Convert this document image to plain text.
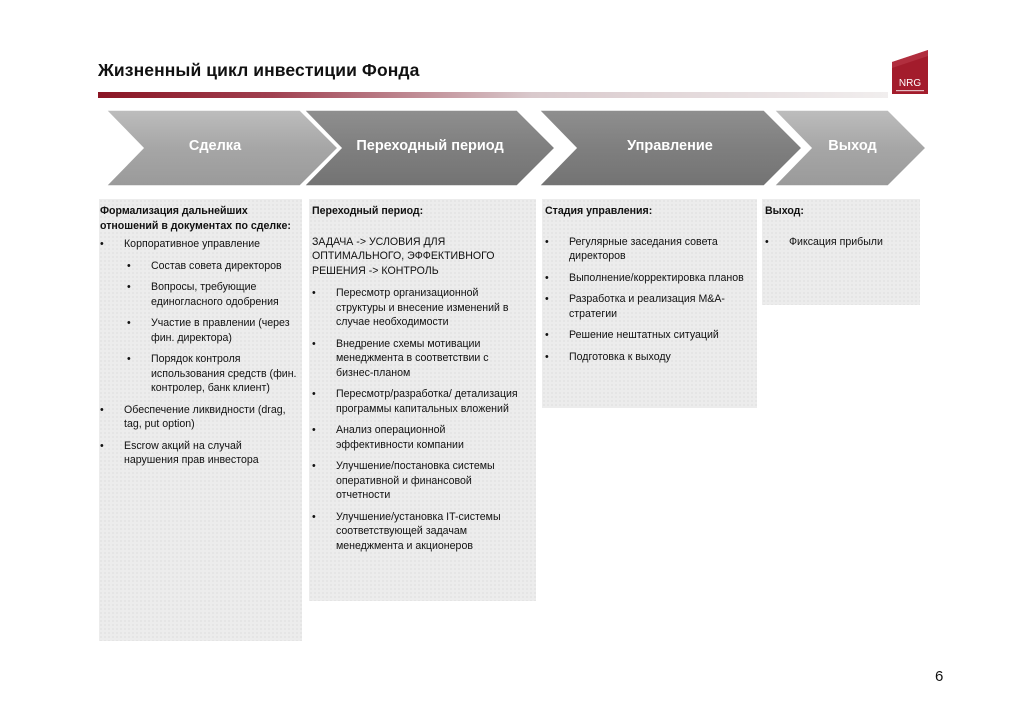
Жизненный цикл инвестиции Фонда
NRG
Сделка	Переходный период	Управление	Выход
Формализация дальнейших отношений в документах по сделке:
• Корпоративное управление
• Состав совета директоров
• Вопросы, требующие единогласного одобрения
• Участие в правлении (через фин. директора)
• Порядок контроля использования средств (фин. контролер, банк клиент)
• Обеспечение ликвидности (drag, tag, put option)
• Escrow акций на случай нарушения прав инвестора
Переходный период:
ЗАДАЧА -> УСЛОВИЯ ДЛЯ ОПТИМАЛЬНОГО, ЭФФЕКТИВНОГО РЕШЕНИЯ -> КОНТРОЛЬ
• Пересмотр организационной структуры и внесение изменений в случае необходимости
• Внедрение схемы мотивации менеджмента в соответствии с бизнес-планом
• Пересмотр/разработка/ детализация программы капитальных вложений
• Анализ операционной эффективности компании
• Улучшение/постановка системы оперативной и финансовой отчетности
• Улучшение/установка IT-системы соответствующей задачам менеджмента и акционеров
Стадия управления:
• Регулярные заседания совета директоров
• Выполнение/корректировка планов
• Разработка и реализация M&A-стратегии
• Решение нештатных ситуаций
• Подготовка к выходу
Выход:
• Фиксация прибыли
6
